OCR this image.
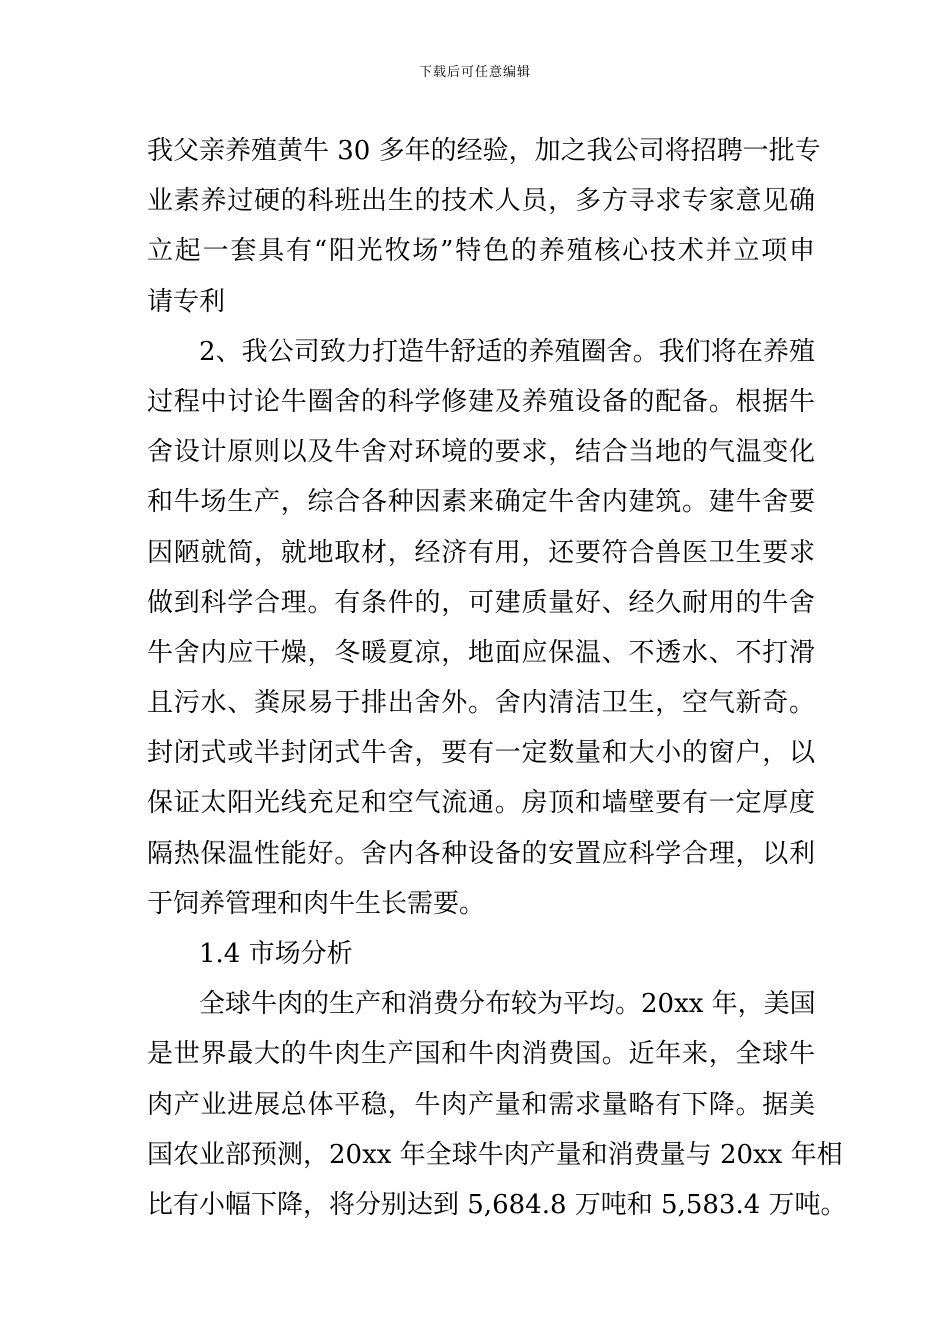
下载后可任意编辑
我父亲养殖黄牛 30 多年的经验，加之我公司将招聘一批专
业素养过硬的科班出生的技术人员，多方寻求专家意见确
立起一套具有“阳光牧场”特色的养殖核心技术并立项申
请专利
2、我公司致力打造牛舒适的养殖圈舍。我们将在养殖
过程中讨论牛圈舍的科学修建及养殖设备的配备。根据牛
舍设计原则以及牛舍对环境的要求，结合当地的气温变化
和牛场生产，综合各种因素来确定牛舍内建筑。建牛舍要
因陋就简，就地取材，经济有用，还要符合兽医卫生要求
做到科学合理。有条件的，可建质量好、经久耐用的牛舍
牛舍内应干燥，冬暖夏凉，地面应保温、不透水、不打滑
且污水、粪尿易于排出舍外。舍内清洁卫生，空气新奇。
封闭式或半封闭式牛舍，要有一定数量和大小的窗户，以
保证太阳光线充足和空气流通。房顶和墙壁要有一定厚度
隔热保温性能好。舍内各种设备的安置应科学合理，以利
于饲养管理和肉牛生长需要。
1.4 市场分析
全球牛肉的生产和消费分布较为平均。20xx 年，美国
是世界最大的牛肉生产国和牛肉消费国。近年来，全球牛
肉产业进展总体平稳，牛肉产量和需求量略有下降。据美
国农业部预测，20xx 年全球牛肉产量和消费量与 20xx 年相
比有小幅下降，将分别达到 5,684.8 万吨和 5,583.4 万吨。
